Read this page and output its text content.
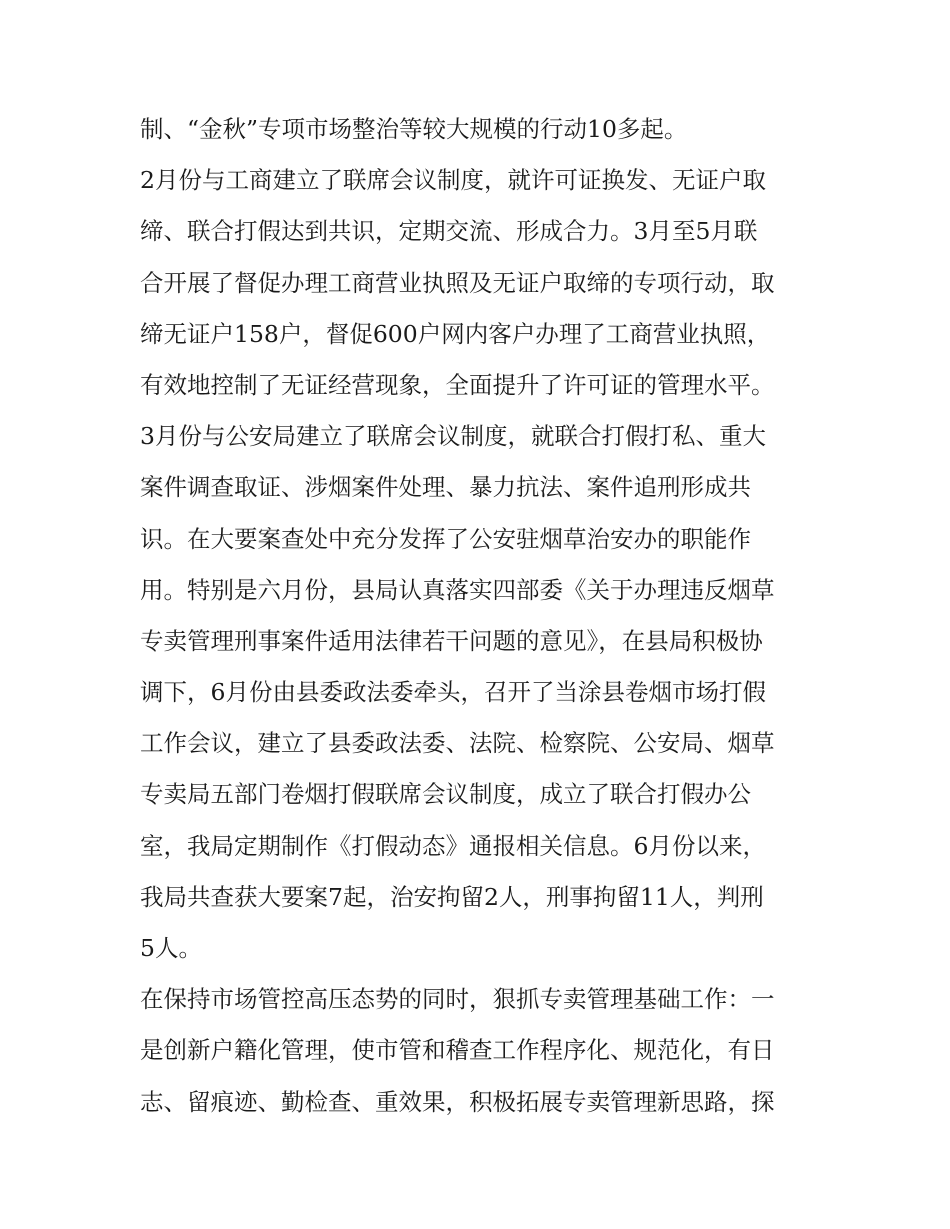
制、“金秋”专项市场整治等较大规模的行动10多起。
2月份与工商建立了联席会议制度，就许可证换发、无证户取
缔、联合打假达到共识，定期交流、形成合力。3月至5月联
合开展了督促办理工商营业执照及无证户取缔的专项行动，取
缔无证户158户，督促600户网内客户办理了工商营业执照，
有效地控制了无证经营现象，全面提升了许可证的管理水平。
3月份与公安局建立了联席会议制度，就联合打假打私、重大
案件调查取证、涉烟案件处理、暴力抗法、案件追刑形成共
识。在大要案查处中充分发挥了公安驻烟草治安办的职能作
用。特别是六月份，县局认真落实四部委《关于办理违反烟草
专卖管理刑事案件适用法律若干问题的意见》，在县局积极协
调下，6月份由县委政法委牵头，召开了当涂县卷烟市场打假
工作会议，建立了县委政法委、法院、检察院、公安局、烟草
专卖局五部门卷烟打假联席会议制度，成立了联合打假办公
室，我局定期制作《打假动态》通报相关信息。6月份以来，
我局共查获大要案7起，治安拘留2人，刑事拘留11人，判刑
5人。
在保持市场管控高压态势的同时，狠抓专卖管理基础工作：一
是创新户籍化管理，使市管和稽查工作程序化、规范化，有日
志、留痕迹、勤检查、重效果，积极拓展专卖管理新思路，探
